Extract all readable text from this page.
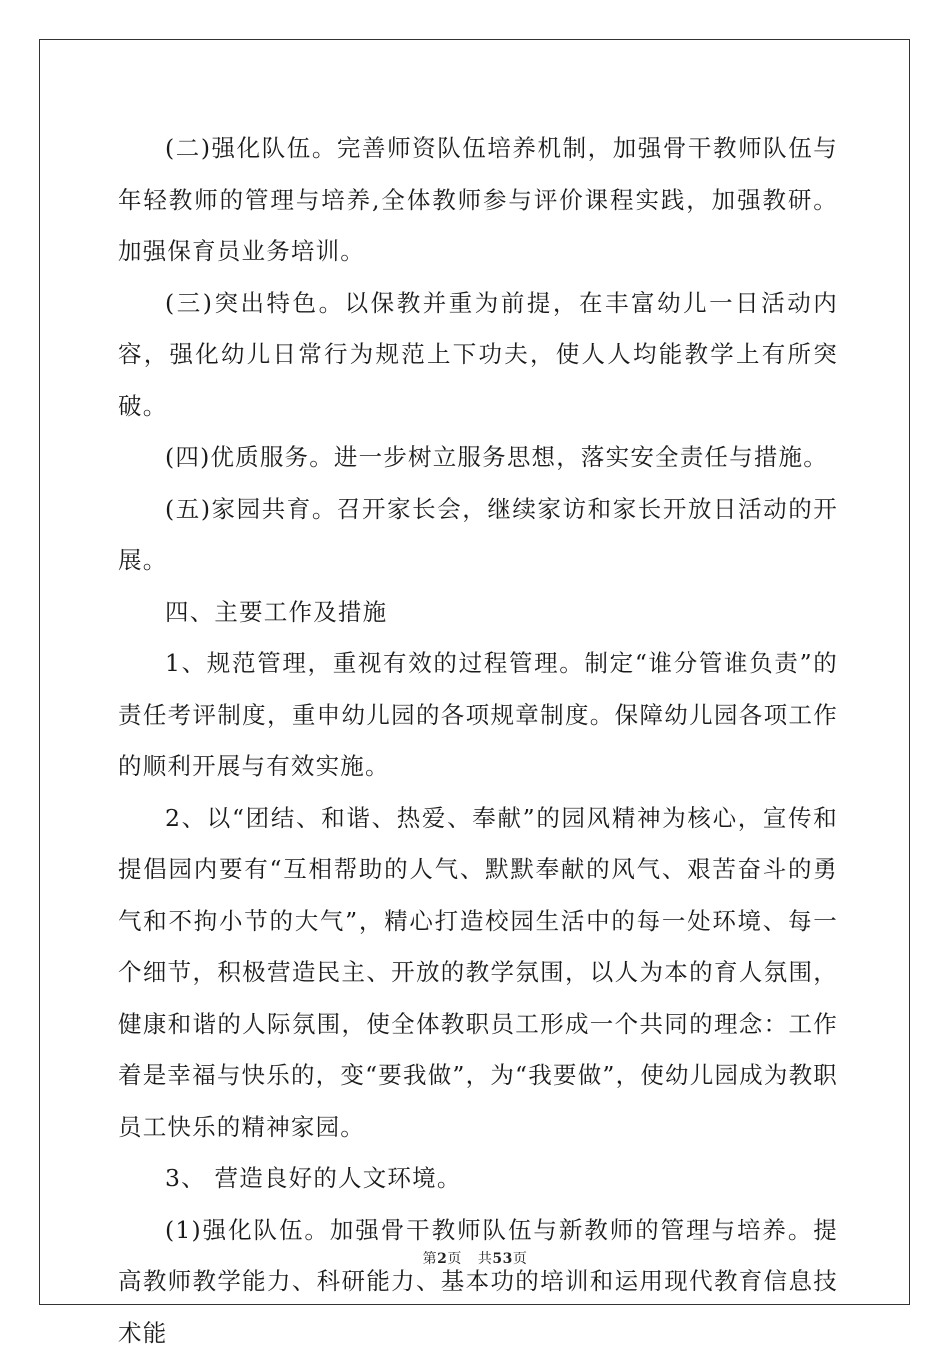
(二)强化队伍。完善师资队伍培养机制，加强骨干教师队伍与年轻教师的管理与培养,全体教师参与评价课程实践，加强教研。加强保育员业务培训。

(三)突出特色。以保教并重为前提，在丰富幼儿一日活动内容，强化幼儿日常行为规范上下功夫，使人人均能教学上有所突破。

(四)优质服务。进一步树立服务思想，落实安全责任与措施。

(五)家园共育。召开家长会，继续家访和家长开放日活动的开展。

四、主要工作及措施

1、规范管理，重视有效的过程管理。制定“谁分管谁负责”的责任考评制度，重申幼儿园的各项规章制度。保障幼儿园各项工作的顺利开展与有效实施。

2、以“团结、和谐、热爱、奉献”的园风精神为核心，宣传和提倡园内要有“互相帮助的人气、默默奉献的风气、艰苦奋斗的勇气和不拘小节的大气”，精心打造校园生活中的每一处环境、每一个细节，积极营造民主、开放的教学氛围，以人为本的育人氛围，健康和谐的人际氛围，使全体教职员工形成一个共同的理念：工作着是幸福与快乐的，变“要我做”，为“我要做”，使幼儿园成为教职员工快乐的精神家园。

3、 营造良好的人文环境。

(1)强化队伍。加强骨干教师队伍与新教师的管理与培养。提高教师教学能力、科研能力、基本功的培训和运用现代教育信息技术能

第2页 共53页
